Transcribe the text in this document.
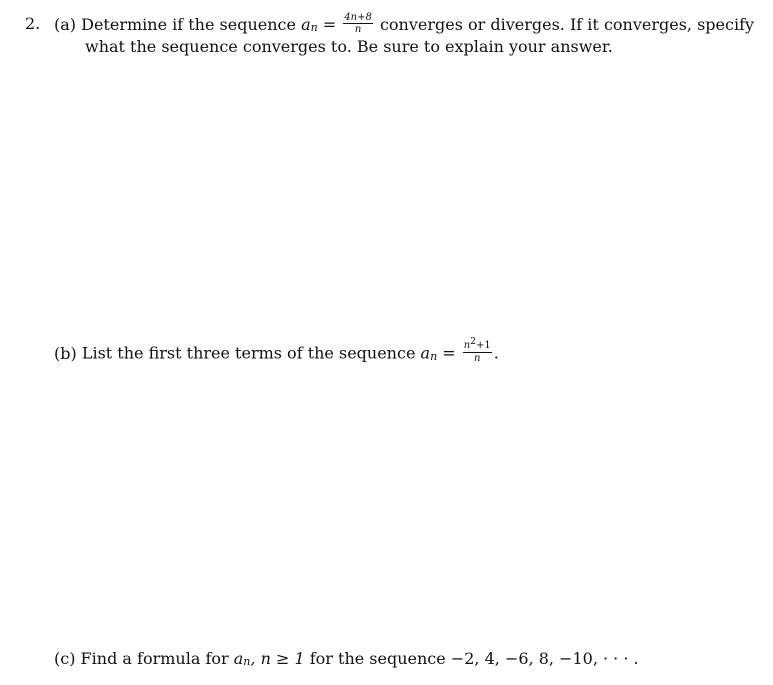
2. (a) Determine if the sequence $a_n = \frac{4n+8}{n}$ converges or diverges. If it converges, specify
what the sequence converges to. Be sure to explain your answer.
(b) List the first three terms of the sequence $a_n = \frac{n^2+1}{n}$ .
(c) Find a formula for $a_n$, n ≥ 1 for the sequence −2, 4, −6, 8, −10, · · · .
